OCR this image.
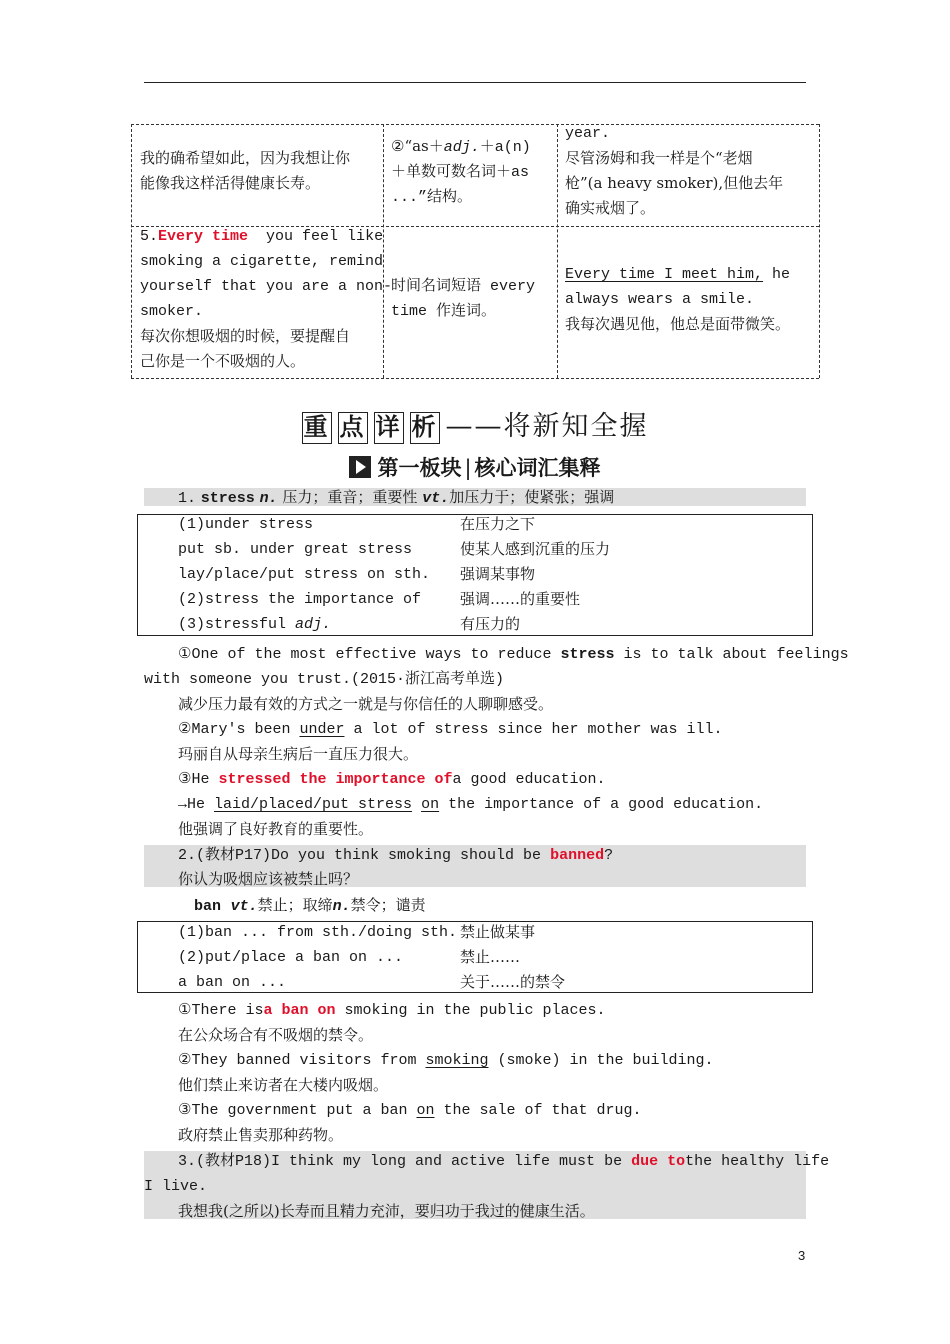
我的确希望如此，因为我想让你
能像我这样活得健康长寿。
②“as＋adj.＋a(n)
＋单数可数名词＋as
...”结构。
year.
尽管汤姆和我一样是个“老烟
枪”(a heavy smoker),但他去年
确实戒烟了。
5.Every time you feel like
smoking a cigarette, remind
yourself that you are a non-
smoker.
每次你想吸烟的时候，要提醒自
己你是一个不吸烟的人。
时间名词短语 every
time 作连词。
Every time I meet him, he
always wears a smile.
我每次遇见他，他总是面带微笑。
重 点 详 析 ——将新知全握
第一板块 | 核心词汇集释
1. stress n. 压力；重音；重要性 vt.加压力于；使紧张；强调
(1)under stress
put sb. under great stress
lay/place/put stress on sth.
(2)stress the importance of
(3)stressful adj.
在压力之下
使某人感到沉重的压力
强调某事物
强调……的重要性
有压力的
①One of the most effective ways to reduce stress is to talk about feelings
with someone you trust.(2015·浙江高考单选)
减少压力最有效的方式之一就是与你信任的人聊聊感受。
②Mary's been under a lot of stress since her mother was ill.
玛丽自从母亲生病后一直压力很大。
③He stressed the importance ofa good education.
→He laid/placed/put stress on the importance of a good education.
他强调了良好教育的重要性。
2.(教材P17)Do you think smoking should be banned?
你认为吸烟应该被禁止吗？
ban vt.禁止；取缔n.禁令；谴责
(1)ban ... from sth./doing sth.
(2)put/place a ban on ...
a ban on ...
禁止做某事
禁止……
关于……的禁令
①There isa ban on smoking in the public places.
在公众场合有不吸烟的禁令。
②They banned visitors from smoking (smoke) in the building.
他们禁止来访者在大楼内吸烟。
③The government put a ban on the sale of that drug.
政府禁止售卖那种药物。
3.(教材P18)I think my long and active life must be due tothe healthy life
I live.
我想我(之所以)长寿而且精力充沛，要归功于我过的健康生活。
3
